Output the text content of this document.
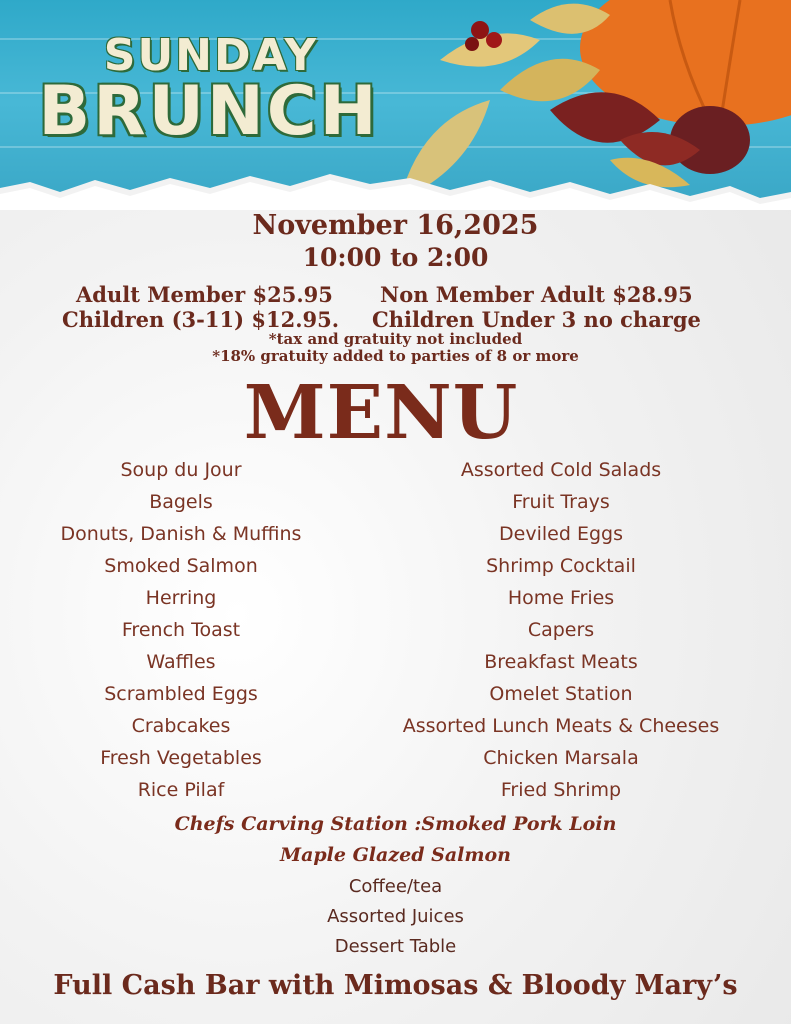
SUNDAY
BRUNCH
November 16,2025
10:00 to 2:00
Adult Member $25.95 Non Member Adult $28.95
Children (3-11) $12.95. Children Under 3 no charge
*tax and gratuity not included
*18% gratuity added to parties of 8 or more
MENU
Soup du Jour
Bagels
Donuts, Danish & Muffins
Smoked Salmon
Herring
French Toast
Waffles
Scrambled Eggs
Crabcakes
Fresh Vegetables
Rice Pilaf
Assorted Cold Salads
Fruit Trays
Deviled Eggs
Shrimp Cocktail
Home Fries
Capers
Breakfast Meats
Omelet Station
Assorted Lunch Meats & Cheeses
Chicken Marsala
Fried Shrimp
Chefs Carving Station :Smoked Pork Loin
Maple Glazed Salmon
Coffee/tea
Assorted Juices
Dessert Table
Full Cash Bar with Mimosas & Bloody Mary’s
